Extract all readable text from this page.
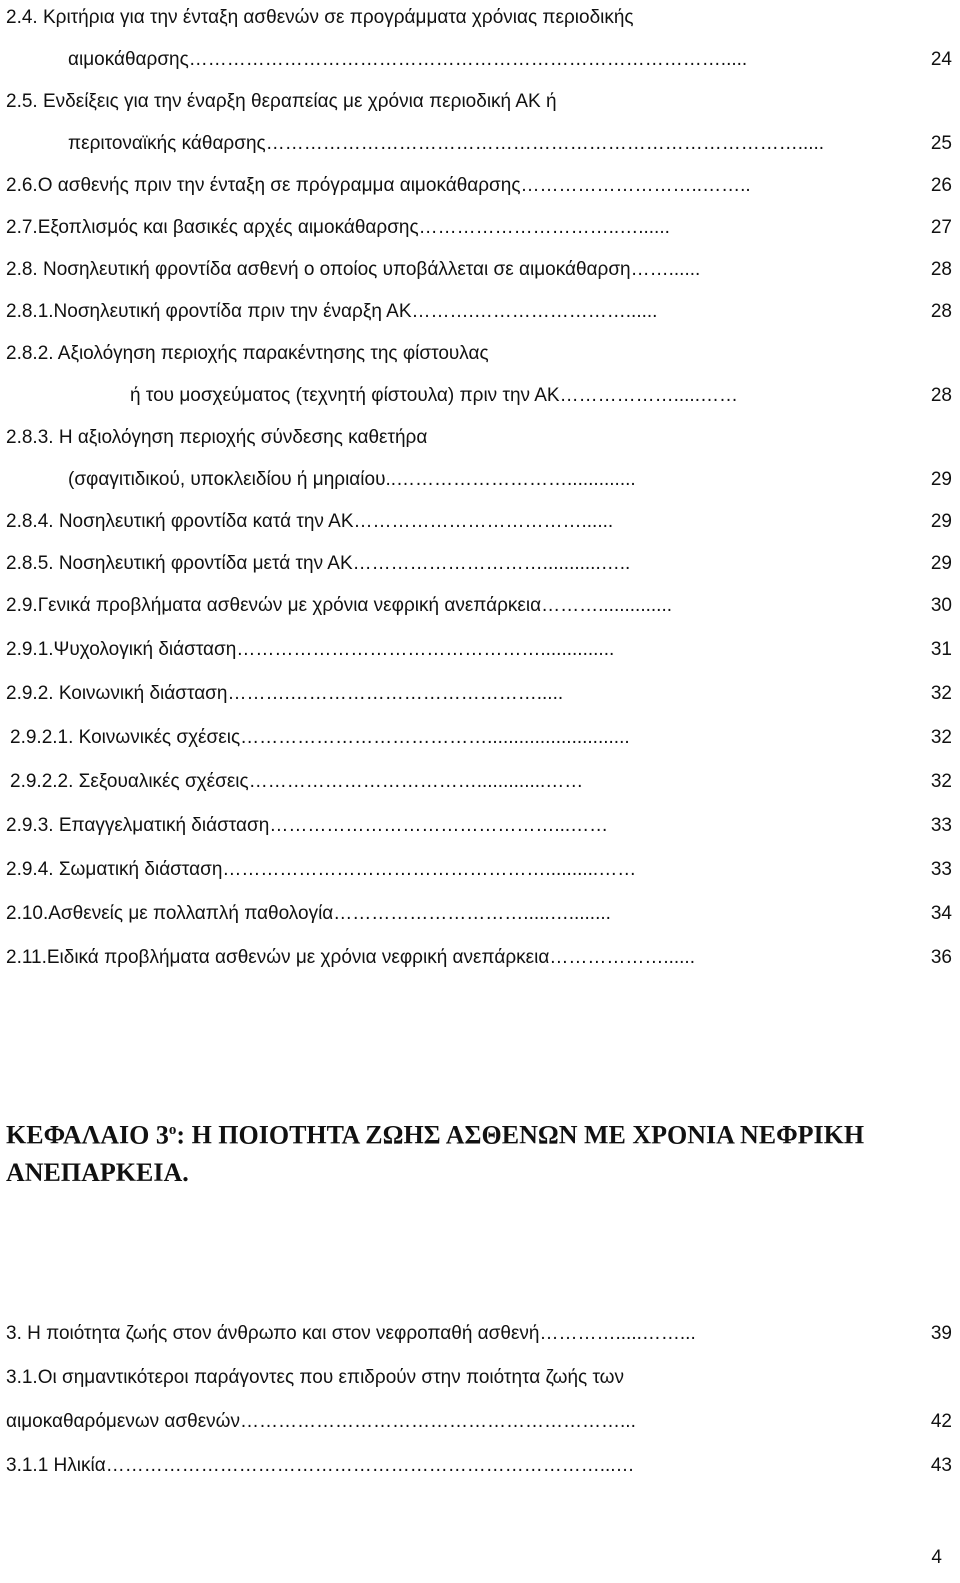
2.4. Κριτήρια για την ένταξη ασθενών σε προγράμματα χρόνιας περιοδικής
αιμοκάθαρσης ………………………………………………………………………….....	24
2.5. Ενδείξεις για την έναρξη θεραπείας με χρόνια περιοδική ΑΚ ή
περιτοναϊκής κάθαρσης ………………………………………………………………………….....	25
2.6.Ο ασθενής πριν την ένταξη σε πρόγραμμα αιμοκάθαρσης ………………………..……..	26
2.7.Εξοπλισμός και βασικές αρχές αιμοκάθαρσης …………………………..…......	27
2.8. Νοσηλευτική φροντίδα ασθενή ο οποίος υποβάλλεται σε αιμοκάθαρση ……......	28
2.8.1.Νοσηλευτική φροντίδα πριν την έναρξη ΑΚ ……….……………………......	28
2.8.2. Αξιολόγηση περιοχής παρακέντησης της φίστουλας
ή του μοσχεύματος (τεχνητή φίστουλα) πριν την ΑΚ ……………….....……	28
2.8.3. Η αξιολόγηση περιοχής σύνδεσης καθετήρα
(σφαγιτιδικού, υποκλειδίου ή μηριαίου.. ……………………….............	29
2.8.4. Νοσηλευτική φροντίδα κατά την ΑΚ ………………………………......	29
2.8.5. Νοσηλευτική φροντίδα μετά την ΑΚ …………………………...........…..	29
2.9.Γενικά προβλήματα ασθενών με χρόνια νεφρική ανεπάρκεια ………..............	30
2.9.1.Ψυχολογική διάσταση …………………………………………..............	31
2.9.2. Κοινωνική διάσταση ……….………………………………….....	32
2.9.2.1. Κοινωνικές σχέσεις …………………………………...........................	32
2.9.2.2. Σεξουαλικές σχέσεις ……………………………….............……	32
2.9.3. Επαγγελματική διάσταση ………………………………………...……	33
2.9.4. Σωματική διάσταση ……………………………………………..........……	33
2.10.Ασθενείς με πολλαπλή παθολογία ………………………….....…........	34
2.11.Ειδικά προβλήματα ασθενών με χρόνια νεφρική ανεπάρκεια ………………......	36
ΚΕΦΑΛΑΙΟ $3^o$: Η ΠΟΙΟΤΗΤΑ ΖΩΗΣ ΑΣΘΕΝΩΝ ΜΕ ΧΡΟΝΙΑ ΝΕΦΡΙΚΗ ΑΝΕΠΑΡΚΕΙΑ.
3. Η ποιότητα ζωής στον άνθρωπο και στον νεφροπαθή ασθενή ………….....……...	39
3.1.Οι σημαντικότεροι παράγοντες που επιδρούν στην ποιότητα ζωής των
αιμοκαθαρόμενων ασθενών ……………………………………………………...	42
3.1.1 Ηλικία ……………………………………………………………………...…	43
4
